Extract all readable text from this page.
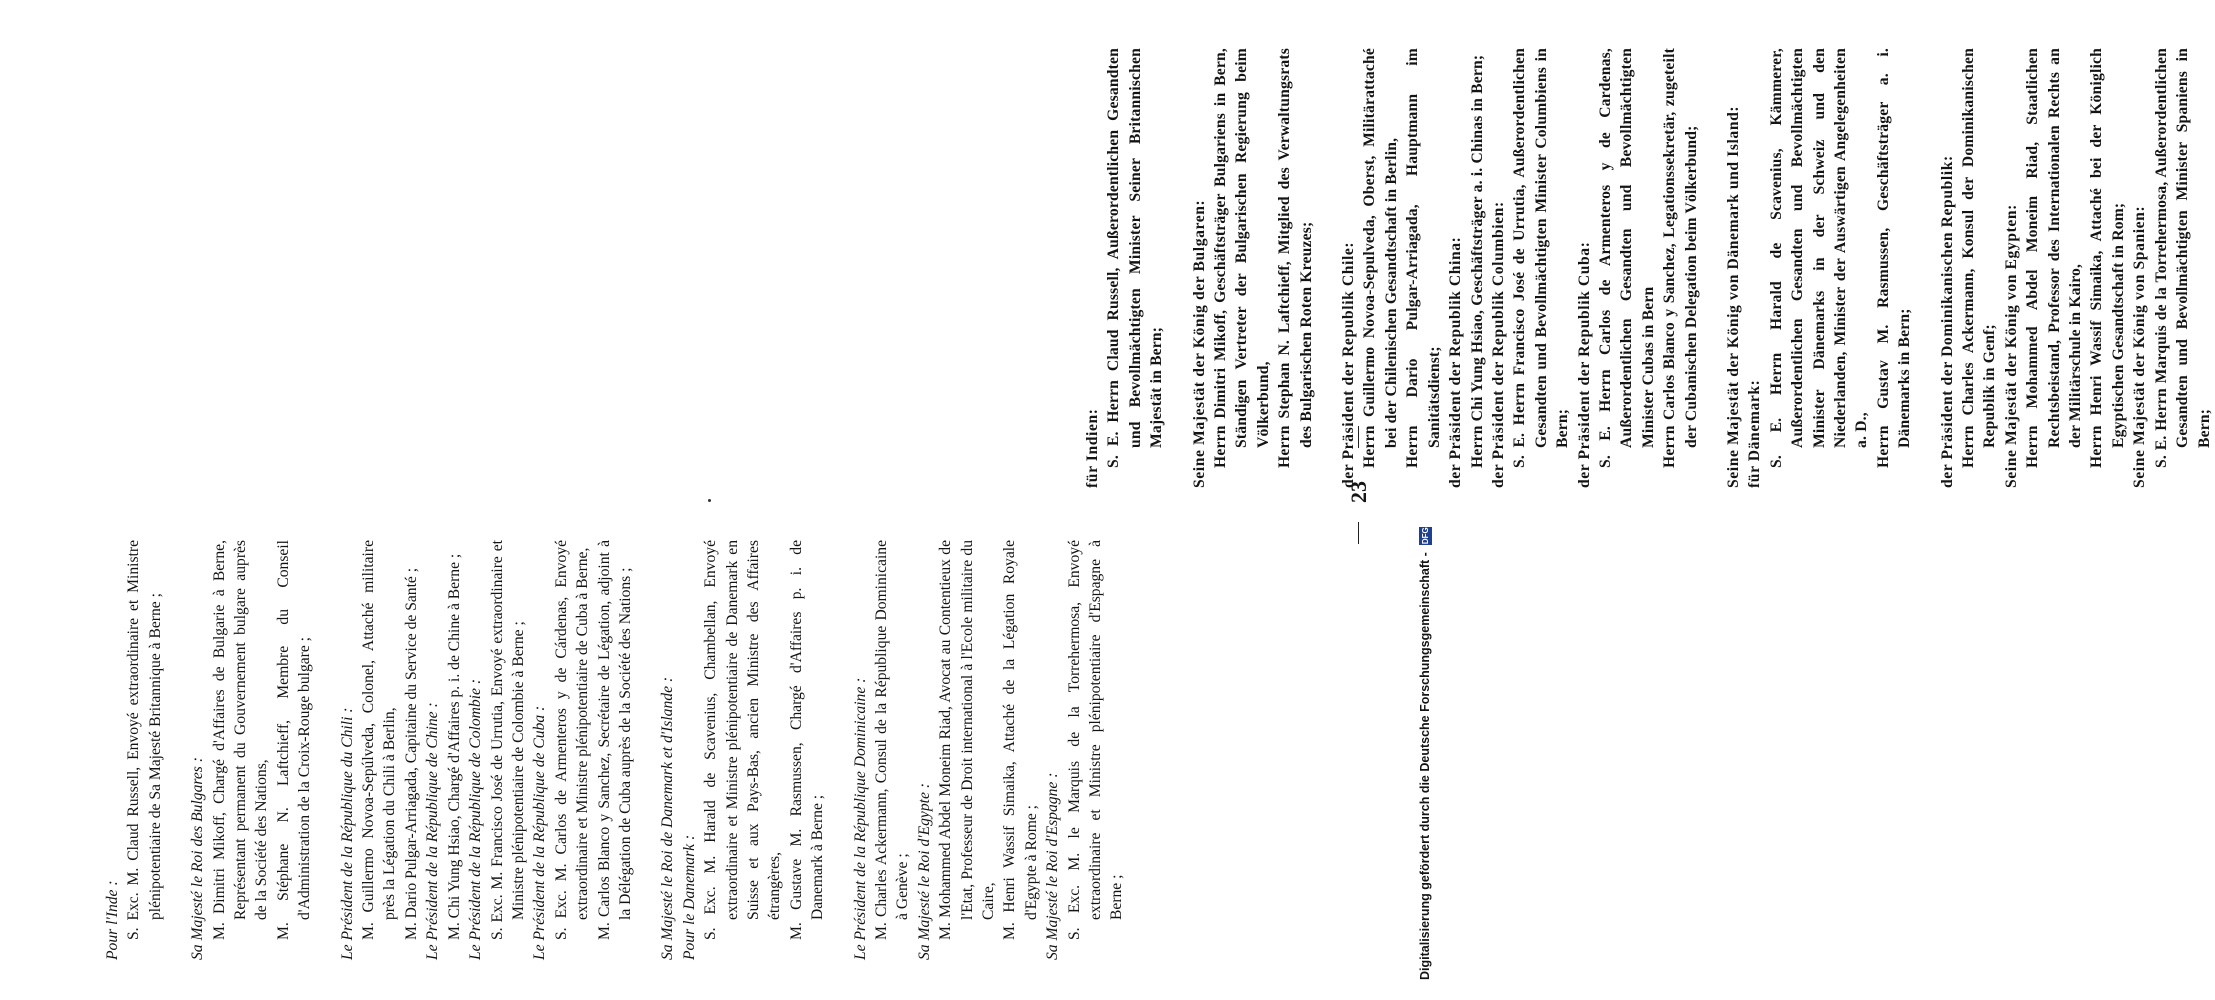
23

Pour l'Inde : S. Exc. M. Claud Russell, Envoyé extraordinaire et Ministre plénipotentiaire de Sa Majesté Britannique à Berne ; Sa Majesté le Roi des Bulgares : M. Dimitri Mikoff, Chargé d'Affaires de Bulgarie à Berne, Représentant permanent du Gouvernement bulgare auprès de la Société des Nations, M. Stéphane N. Laftchieff, Membre du Conseil d'Administration de la Croix-Rouge bulgare ; Le Président de la République du Chili : M. Guillermo Novoa-Sepúlveda, Colonel, Attaché militaire près la Légation du Chili à Berlin, M. Dario Pulgar-Arriagada, Capitaine du Service de Santé ; Le Président de la République de Chine : M. Chi Yung Hsiao, Chargé d'Affaires p. i. de Chine à Berne ; Le Président de la République de Colombie : S. Exc. M. Francisco José de Urrutia, Envoyé extraordinaire et Ministre plénipotentiaire de Colombie à Berne ; Le Président de la République de Cuba : S. Exc. M. Carlos de Armenteros y de Cárdenas, Envoyé extraordinaire et Ministre plénipotentiaire de Cuba à Berne, M. Carlos Blanco y Sanchez, Secrétaire de Légation, adjoint à la Délégation de Cuba auprès de la Société des Nations ; Sa Majesté le Roi de Danemark et d'Islande : Pour le Danemark : S. Exc. M. Harald de Scavenius, Chambellan, Envoyé extraordinaire et Ministre plénipotentiaire de Danemark en Suisse et aux Pays-Bas, ancien Ministre des Affaires étrangères, M. Gustave M. Rasmussen, Chargé d'Affaires p. i. de Danemark à Berne ; Le Président de la République Dominicaine : M. Charles Ackermann, Consul de la République Dominicaine à Genève ; Sa Majesté le Roi d'Egypte : M. Mohammed Abdel Moneim Riad, Avocat au Contentieux de l'Etat, Professeur de Droit international à l'Ecole militaire du Caire, M. Henri Wassif Simaika, Attaché de la Légation Royale d'Egypte à Rome ; Sa Majesté le Roi d'Espagne : S. Exc. M. le Marquis de la Torrehermosa, Envoyé extraordinaire et Ministre plénipotentiaire d'Espagne à Berne ;

für Indien: S. E. Herrn Claud Russell, Außerordentlichen Gesandten und Bevollmächtigten Minister Seiner Britannischen Majestät in Bern; Seine Majestät der König der Bulgaren: Herrn Dimitri Mikoff, Geschäftsträger Bulgariens in Bern, Ständigen Vertreter der Bulgarischen Regierung beim Völkerbund, Herrn Stephan N. Laftchieff, Mitglied des Verwaltungsrats des Bulgarischen Roten Kreuzes; der Präsident der Republik Chile: Herrn Guillermo Novoa-Sepulveda, Oberst, Militärattaché bei der Chilenischen Gesandtschaft in Berlin, Herrn Dario Pulgar-Arriagada, Hauptmann im Sanitätsdienst; der Präsident der Republik China: Herrn Chi Yung Hsiao, Geschäftsträger a. i. Chinas in Bern; der Präsident der Republik Columbien: S. E. Herrn Francisco José de Urrutia, Außerordentlichen Gesandten und Bevollmächtigten Minister Columbiens in Bern; der Präsident der Republik Cuba: S. E. Herrn Carlos de Armenteros y de Cardenas, Außerordentlichen Gesandten und Bevollmächtigten Minister Cubas in Bern Herrn Carlos Blanco y Sanchez, Legationssekretär, zugeteilt der Cubanischen Delegation beim Völkerbund; Seine Majestät der König von Dänemark und Island: für Dänemark: S. E. Herrn Harald de Scavenius, Kämmerer, Außerordentlichen Gesandten und Bevollmächtigten Minister Dänemarks in der Schweiz und den Niederlanden, Minister der Auswärtigen Angelegenheiten a. D., Herrn Gustav M. Rasmussen, Geschäftsträger a. i. Dänemarks in Bern; der Präsident der Dominikanischen Republik: Herrn Charles Ackermann, Konsul der Dominikanischen Republik in Genf; Seine Majestät der König von Egypten: Herrn Mohammed Abdel Moneim Riad, Staatlichen Rechtsbeistand, Professor des Internationalen Rechts an der Militärschule in Kairo, Herrn Henri Wassif Simaika, Attaché bei der Königlich Egyptischen Gesandtschaft in Rom; Seine Majestät der König von Spanien: S. E. Herrn Marquis de la Torrehermosa, Außerordentlichen Gesandten und Bevollmächtigten Minister Spaniens in Bern;

Digitalisierung gefördert durch die Deutsche Forschungsgemeinschaft - DFG
